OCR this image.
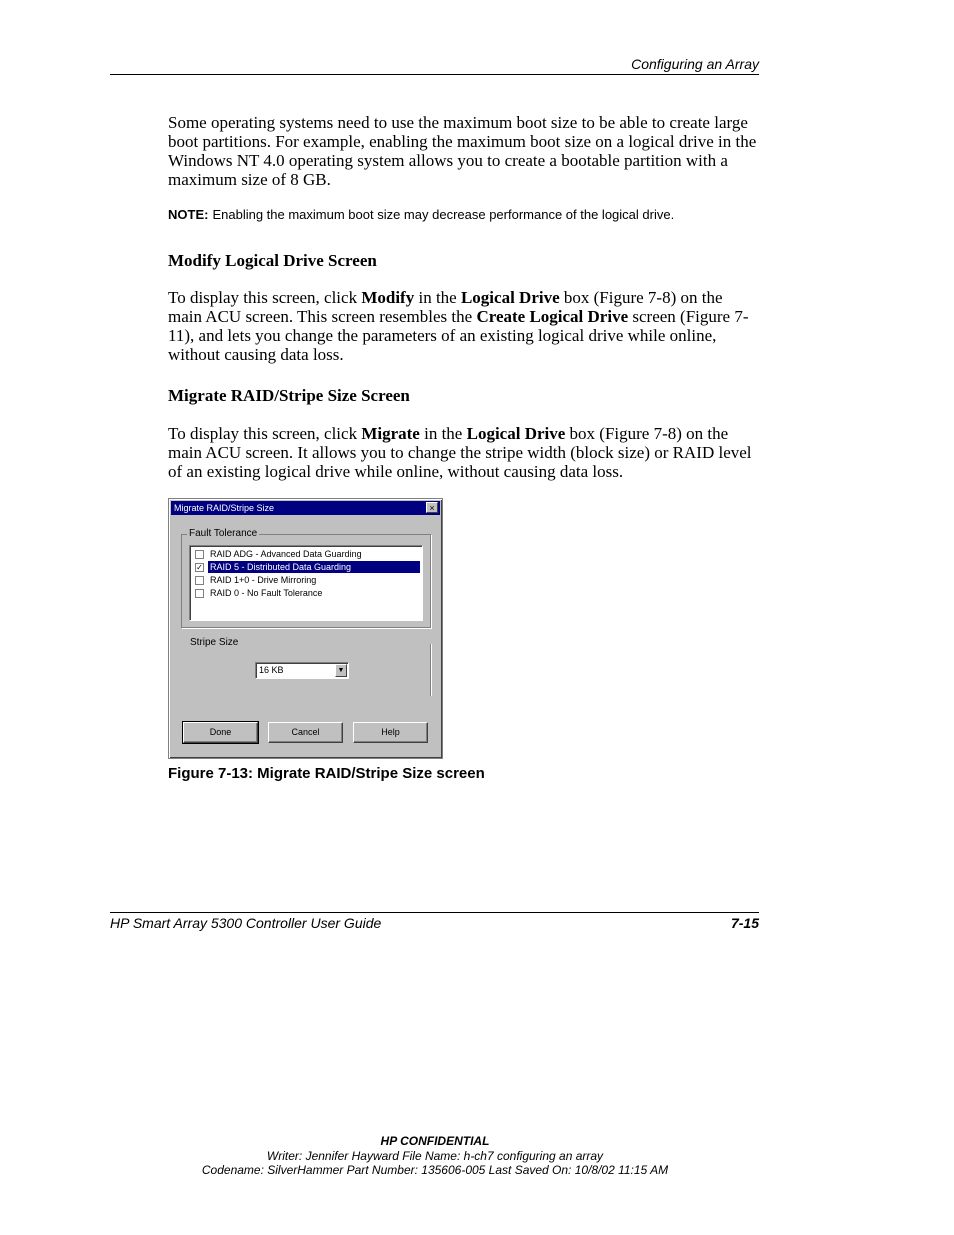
Configuring an Array
Some operating systems need to use the maximum boot size to be able to create large boot partitions. For example, enabling the maximum boot size on a logical drive in the Windows NT 4.0 operating system allows you to create a bootable partition with a maximum size of 8 GB.
NOTE: Enabling the maximum boot size may decrease performance of the logical drive.
Modify Logical Drive Screen
To display this screen, click Modify in the Logical Drive box (Figure 7-8) on the main ACU screen. This screen resembles the Create Logical Drive screen (Figure 7-11), and lets you change the parameters of an existing logical drive while online, without causing data loss.
Migrate RAID/Stripe Size Screen
To display this screen, click Migrate in the Logical Drive box (Figure 7-8) on the main ACU screen. It allows you to change the stripe width (block size) or RAID level of an existing logical drive while online, without causing data loss.
Migrate RAID/Stripe Size	×
Fault Tolerance
RAID ADG - Advanced Data Guarding
✓ RAID 5 - Distributed Data Guarding
RAID 1+0 - Drive Mirroring
RAID 0 - No Fault Tolerance
Stripe Size
16 KB	▼
Done	Cancel	Help
Figure 7-13: Migrate RAID/Stripe Size screen
HP Smart Array 5300 Controller User Guide	7-15
HP CONFIDENTIAL
Writer: Jennifer Hayward File Name: h-ch7 configuring an array
Codename: SilverHammer Part Number: 135606-005 Last Saved On: 10/8/02 11:15 AM
